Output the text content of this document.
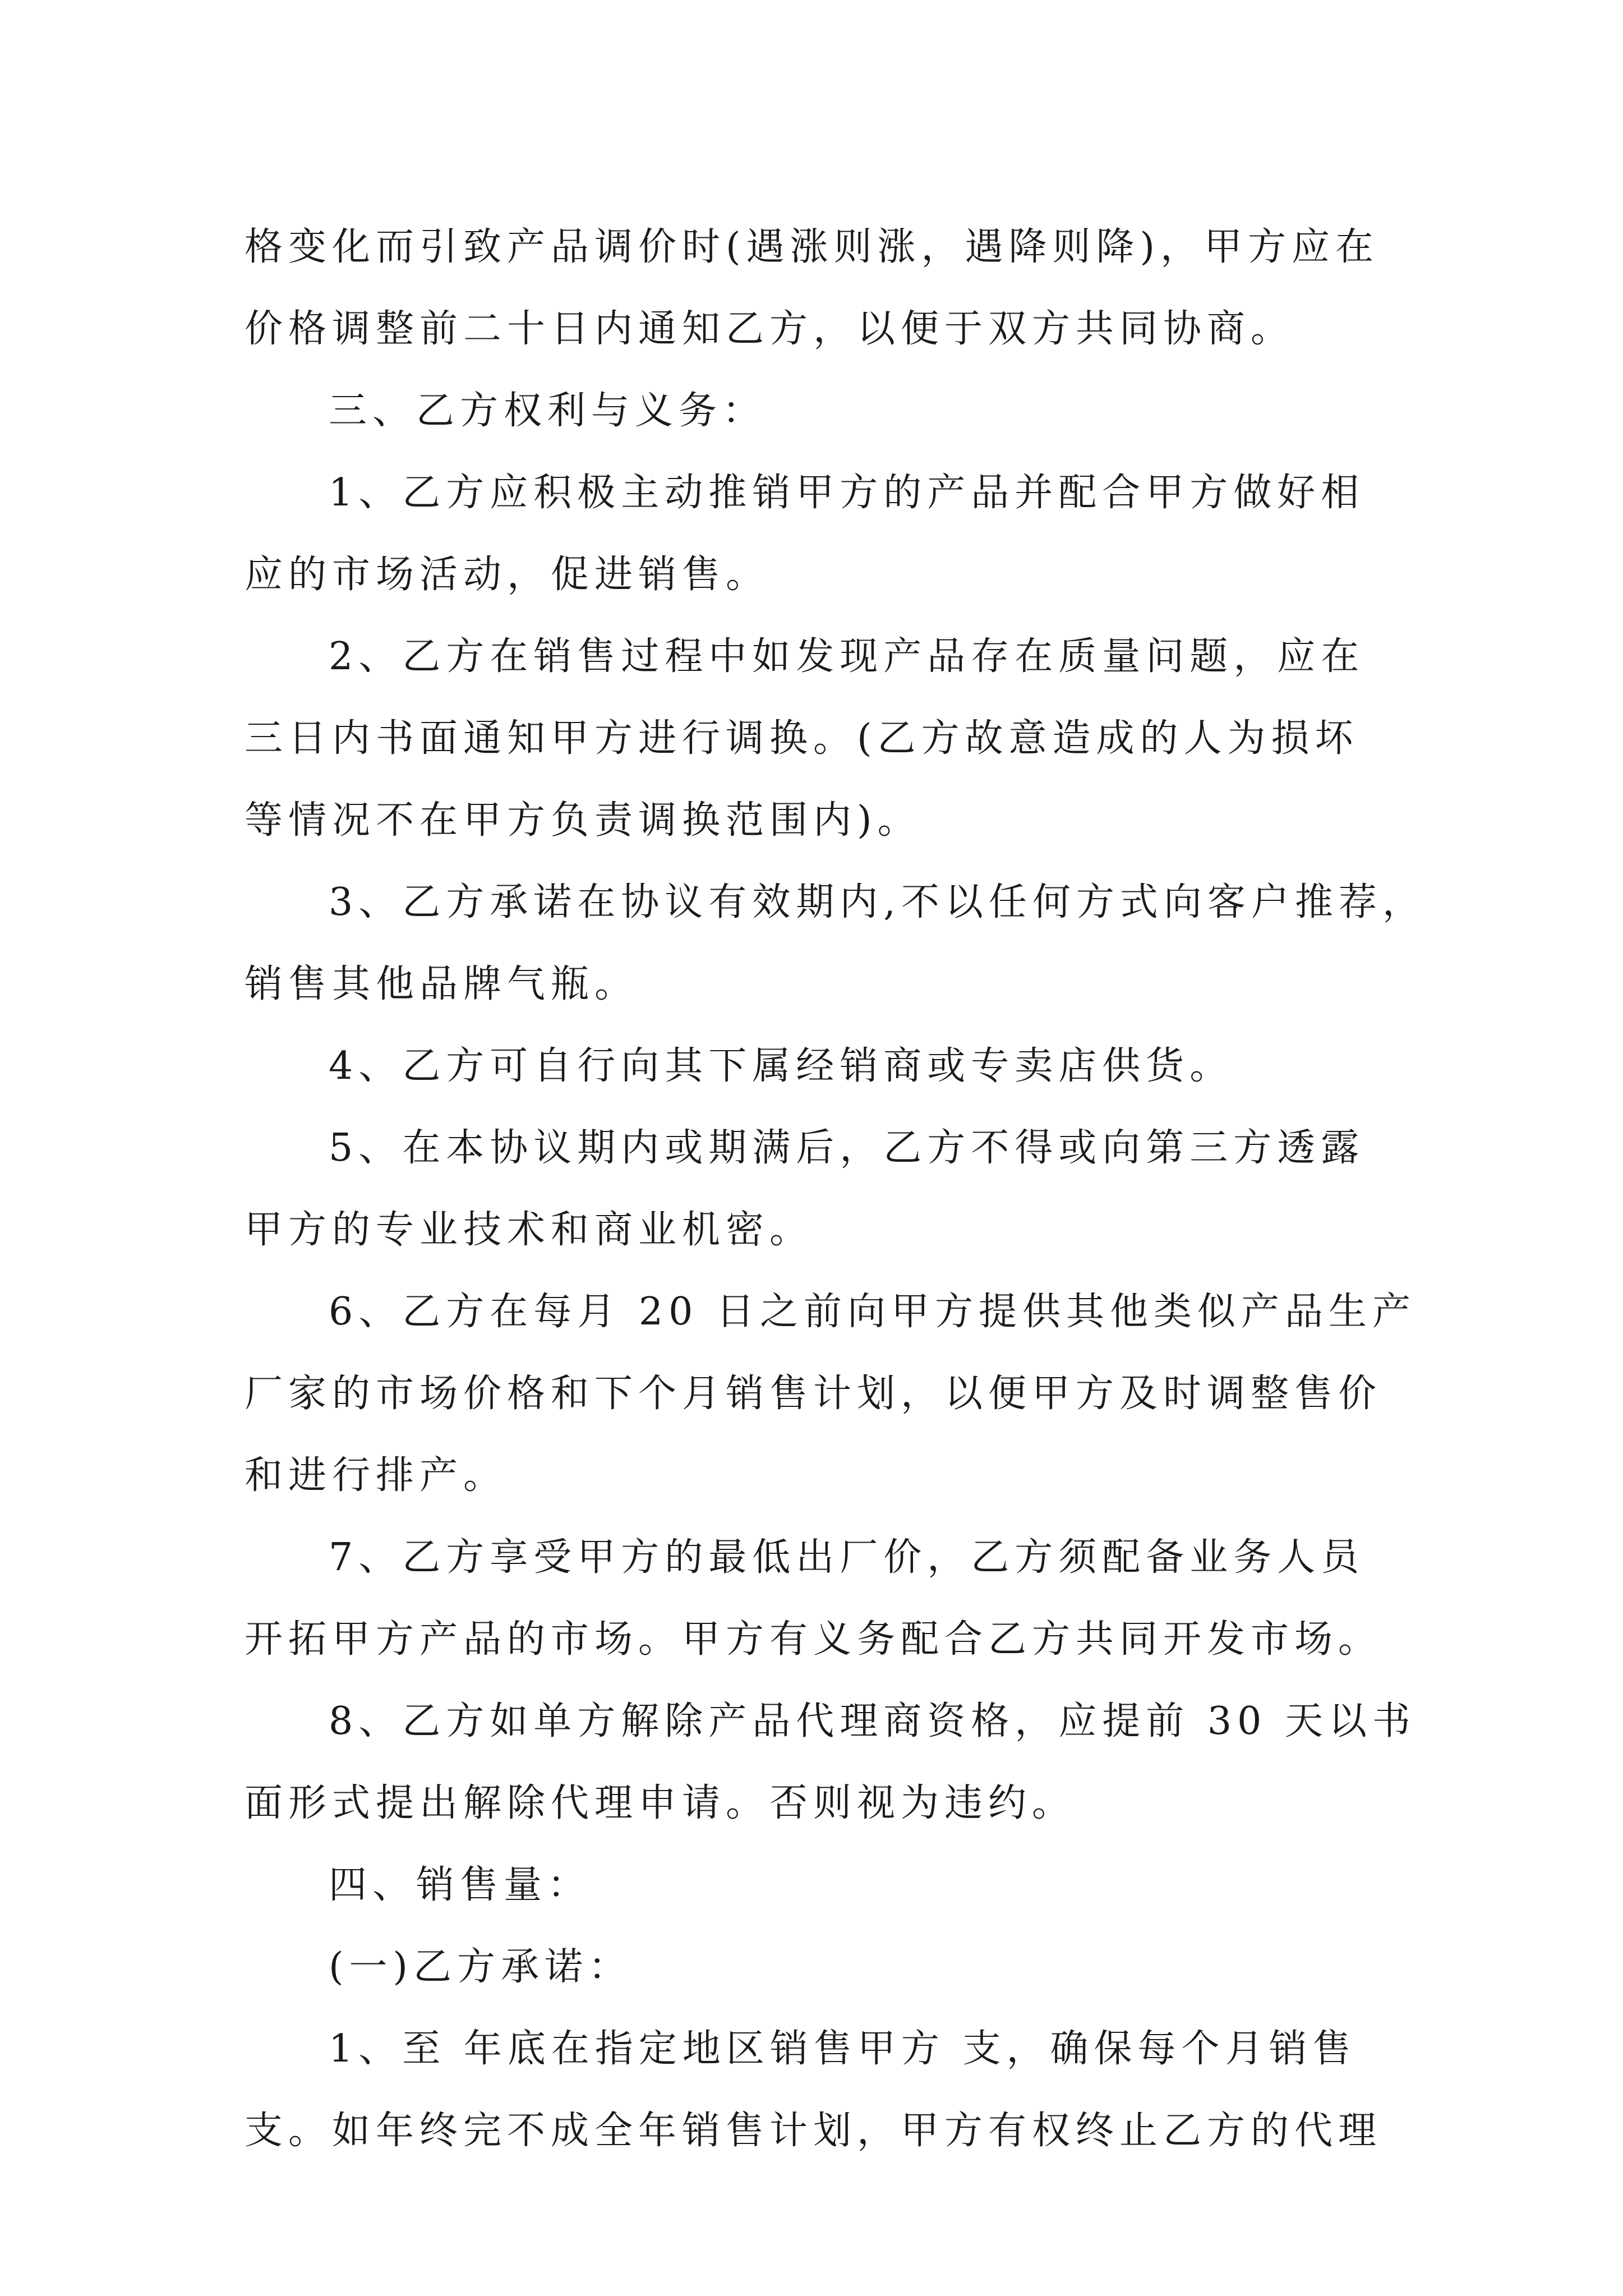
格变化而引致产品调价时(遇涨则涨，遇降则降)，甲方应在
价格调整前二十日内通知乙方，以便于双方共同协商。
三、乙方权利与义务：
1、乙方应积极主动推销甲方的产品并配合甲方做好相
应的市场活动，促进销售。
2、乙方在销售过程中如发现产品存在质量问题，应在
三日内书面通知甲方进行调换。(乙方故意造成的人为损坏
等情况不在甲方负责调换范围内)。
3、乙方承诺在协议有效期内,不以任何方式向客户推荐，
销售其他品牌气瓶。
4、乙方可自行向其下属经销商或专卖店供货。
5、在本协议期内或期满后，乙方不得或向第三方透露
甲方的专业技术和商业机密。
6、乙方在每月 20 日之前向甲方提供其他类似产品生产
厂家的市场价格和下个月销售计划，以便甲方及时调整售价
和进行排产。
7、乙方享受甲方的最低出厂价，乙方须配备业务人员
开拓甲方产品的市场。甲方有义务配合乙方共同开发市场。
8、乙方如单方解除产品代理商资格，应提前 30 天以书
面形式提出解除代理申请。否则视为违约。
四、销售量：
(一)乙方承诺：
1、至 年底在指定地区销售甲方 支，确保每个月销售
支。如年终完不成全年销售计划，甲方有权终止乙方的代理
